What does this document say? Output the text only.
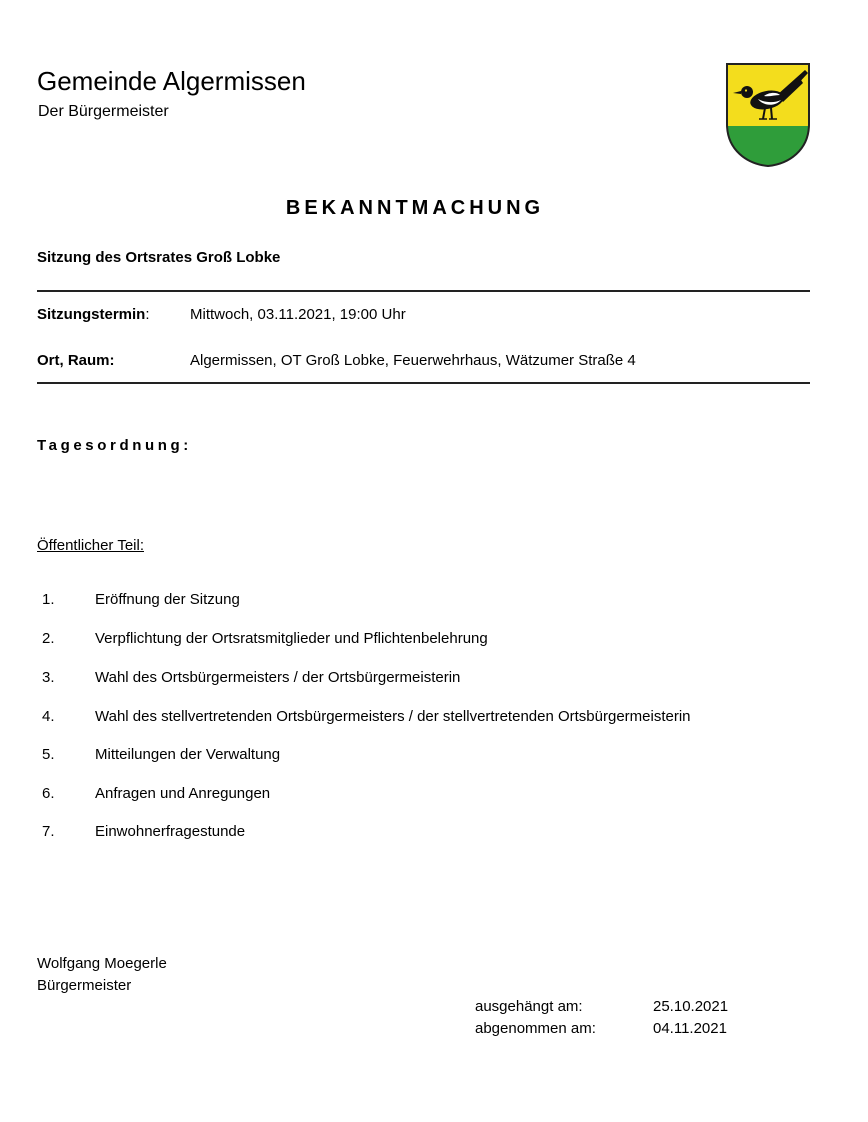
Gemeinde Algermissen
Der Bürgermeister
BEKANNTMACHUNG
Sitzung des Ortsrates Groß Lobke
Sitzungstermin:	Mittwoch, 03.11.2021, 19:00 Uhr
Ort, Raum:	Algermissen, OT Groß Lobke, Feuerwehrhaus, Wätzumer Straße 4
Tagesordnung:
Öffentlicher Teil:
1.	Eröffnung der Sitzung
2.	Verpflichtung der Ortsratsmitglieder und Pflichtenbelehrung
3.	Wahl des Ortsbürgermeisters / der Ortsbürgermeisterin
4.	Wahl des stellvertretenden Ortsbürgermeisters / der stellvertretenden Ortsbürgermeisterin
5.	Mitteilungen der Verwaltung
6.	Anfragen und Anregungen
7.	Einwohnerfragestunde
Wolfgang Moegerle
Bürgermeister
ausgehängt am:	25.10.2021
abgenommen am:	04.11.2021
